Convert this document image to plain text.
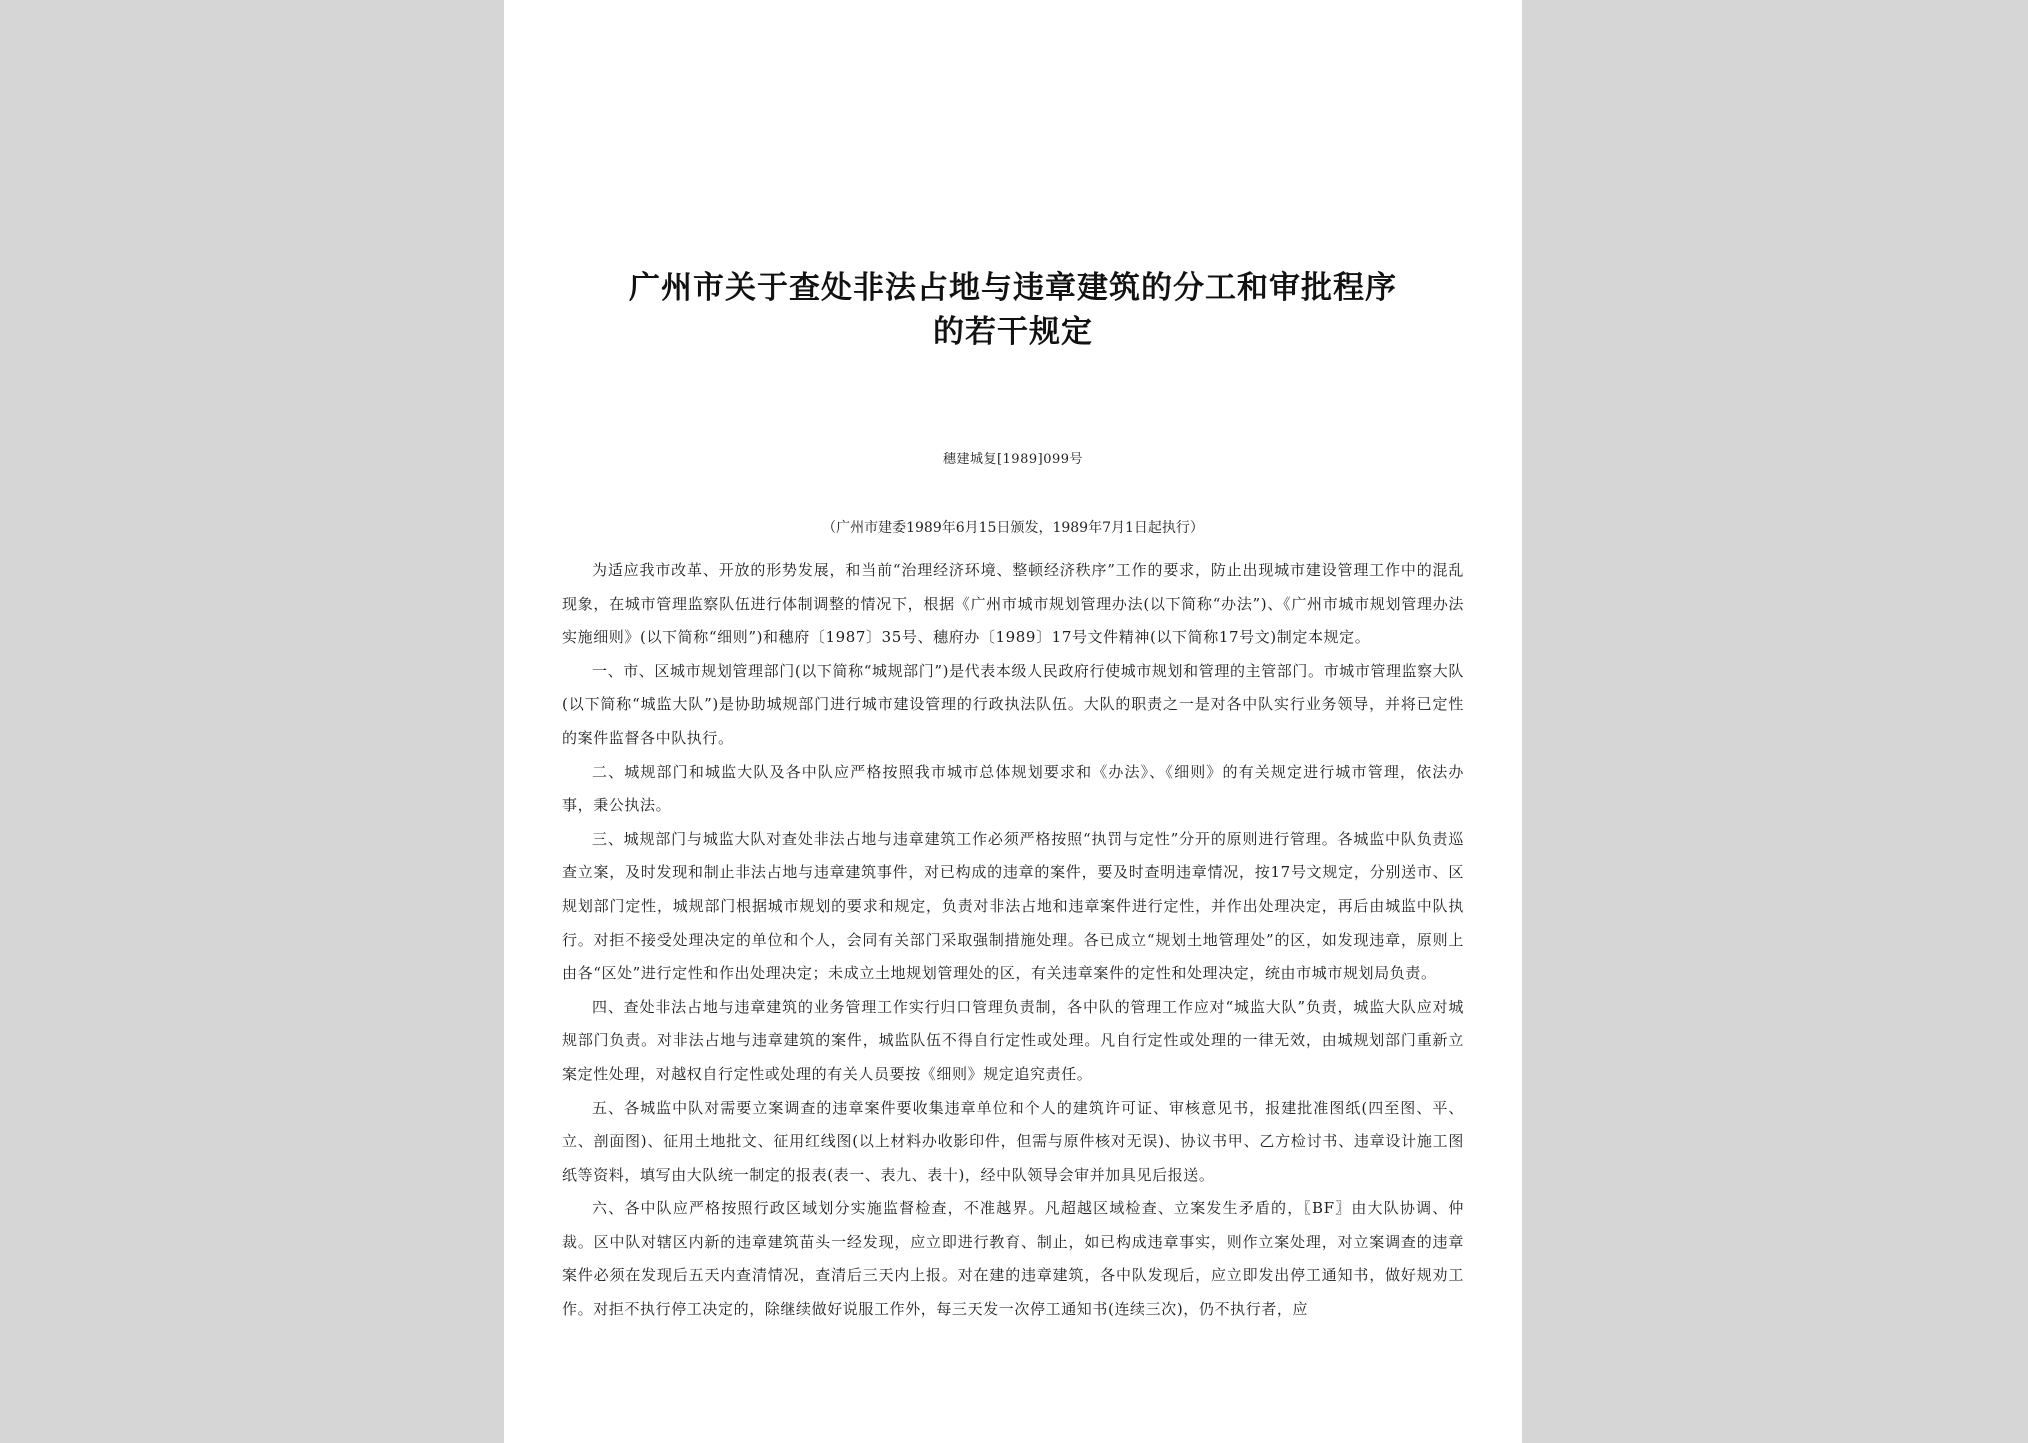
广州市关于查处非法占地与违章建筑的分工和审批程序
的若干规定
穗建城复[1989]099号
（广州市建委1989年6月15日颁发，1989年7月1日起执行）

为适应我市改革、开放的形势发展，和当前“治理经济环境、整顿经济秩序”工作的要求，防止出现城市建设管理工作中的混乱现象，在城市管理监察队伍进行体制调整的情况下，根据《广州市城市规划管理办法(以下简称“办法”)、《广州市城市规划管理办法实施细则》(以下简称“细则”)和穗府〔1987〕35号、穗府办〔1989〕17号文件精神(以下简称17号文)制定本规定。

一、市、区城市规划管理部门(以下简称“城规部门”)是代表本级人民政府行使城市规划和管理的主管部门。市城市管理监察大队(以下简称“城监大队”)是协助城规部门进行城市建设管理的行政执法队伍。大队的职责之一是对各中队实行业务领导，并将已定性的案件监督各中队执行。

二、城规部门和城监大队及各中队应严格按照我市城市总体规划要求和《办法》、《细则》的有关规定进行城市管理，依法办事，秉公执法。

三、城规部门与城监大队对查处非法占地与违章建筑工作必须严格按照“执罚与定性”分开的原则进行管理。各城监中队负责巡查立案，及时发现和制止非法占地与违章建筑事件，对已构成的违章的案件，要及时查明违章情况，按17号文规定，分别送市、区规划部门定性，城规部门根据城市规划的要求和规定，负责对非法占地和违章案件进行定性，并作出处理决定，再后由城监中队执行。对拒不接受处理决定的单位和个人，会同有关部门采取强制措施处理。各已成立“规划土地管理处”的区，如发现违章，原则上由各“区处”进行定性和作出处理决定；未成立土地规划管理处的区，有关违章案件的定性和处理决定，统由市城市规划局负责。

四、查处非法占地与违章建筑的业务管理工作实行归口管理负责制，各中队的管理工作应对“城监大队”负责，城监大队应对城规部门负责。对非法占地与违章建筑的案件，城监队伍不得自行定性或处理。凡自行定性或处理的一律无效，由城规划部门重新立案定性处理，对越权自行定性或处理的有关人员要按《细则》规定追究责任。

五、各城监中队对需要立案调查的违章案件要收集违章单位和个人的建筑许可证、审核意见书，报建批准图纸(四至图、平、立、剖面图)、征用土地批文、征用红线图(以上材料办收影印件，但需与原件核对无误)、协议书甲、乙方检讨书、违章设计施工图纸等资料，填写由大队统一制定的报表(表一、表九、表十)，经中队领导会审并加具见后报送。

六、各中队应严格按照行政区域划分实施监督检查，不准越界。凡超越区域检查、立案发生矛盾的，〖BF〗由大队协调、仲裁。区中队对辖区内新的违章建筑苗头一经发现，应立即进行教育、制止，如已构成违章事实，则作立案处理，对立案调查的违章案件必须在发现后五天内查清情况，查清后三天内上报。对在建的违章建筑，各中队发现后，应立即发出停工通知书，做好规劝工作。对拒不执行停工决定的，除继续做好说服工作外，每三天发一次停工通知书(连续三次)，仍不执行者，应
